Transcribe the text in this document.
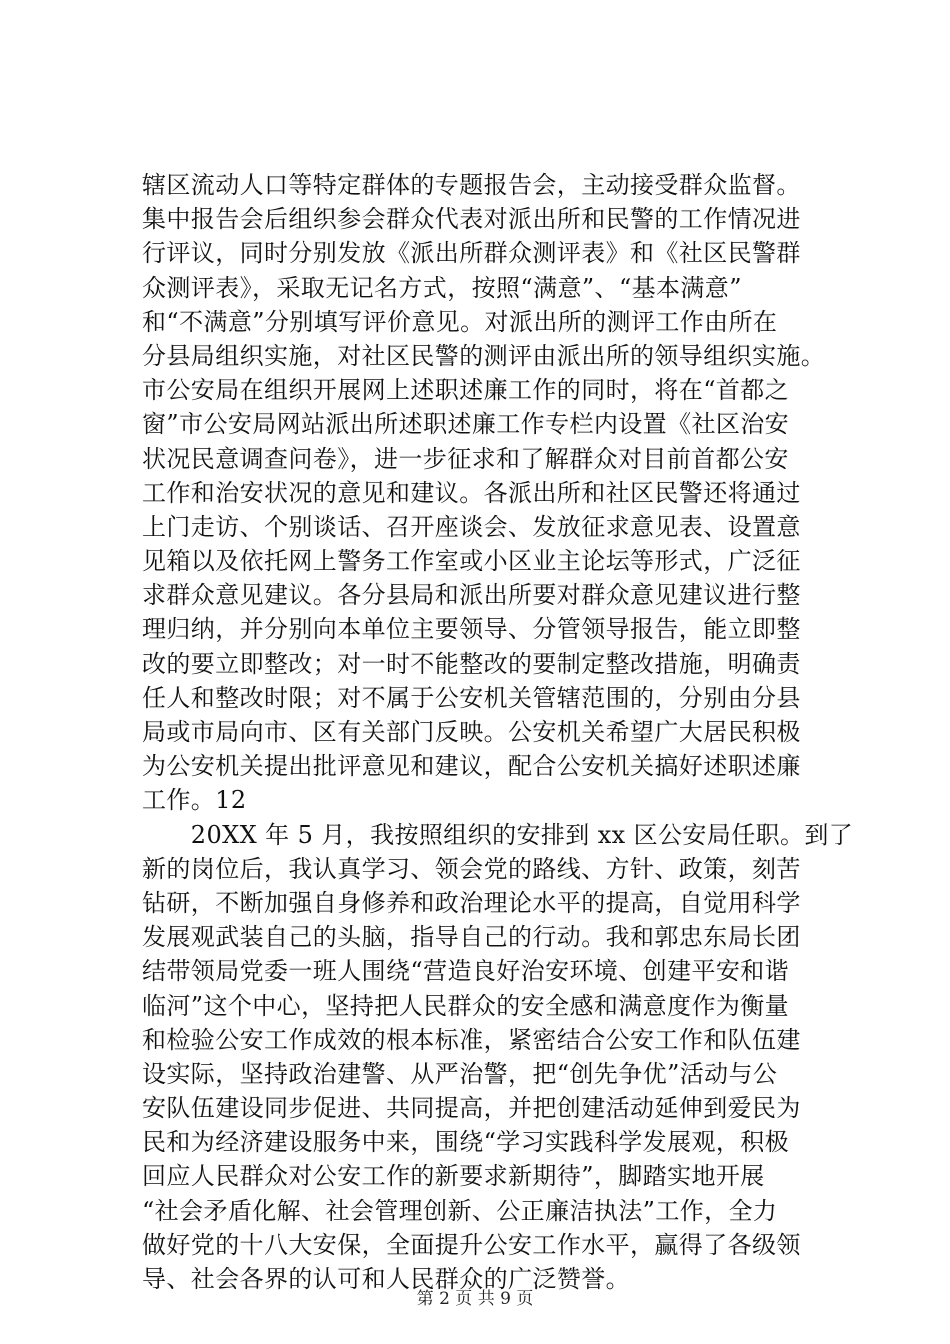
辖区流动人口等特定群体的专题报告会，主动接受群众监督。
集中报告会后组织参会群众代表对派出所和民警的工作情况进
行评议，同时分别发放《派出所群众测评表》和《社区民警群
众测评表》，采取无记名方式，按照“满意”、“基本满意”
和“不满意”分别填写评价意见。对派出所的测评工作由所在
分县局组织实施，对社区民警的测评由派出所的领导组织实施。
市公安局在组织开展网上述职述廉工作的同时，将在“首都之
窗”市公安局网站派出所述职述廉工作专栏内设置《社区治安
状况民意调查问卷》，进一步征求和了解群众对目前首都公安
工作和治安状况的意见和建议。各派出所和社区民警还将通过
上门走访、个别谈话、召开座谈会、发放征求意见表、设置意
见箱以及依托网上警务工作室或小区业主论坛等形式，广泛征
求群众意见建议。各分县局和派出所要对群众意见建议进行整
理归纳，并分别向本单位主要领导、分管领导报告，能立即整
改的要立即整改；对一时不能整改的要制定整改措施，明确责
任人和整改时限；对不属于公安机关管辖范围的，分别由分县
局或市局向市、区有关部门反映。公安机关希望广大居民积极
为公安机关提出批评意见和建议，配合公安机关搞好述职述廉
工作。12
　　20XX 年 5 月，我按照组织的安排到 xx 区公安局任职。到了
新的岗位后，我认真学习、领会党的路线、方针、政策，刻苦
钻研，不断加强自身修养和政治理论水平的提高，自觉用科学
发展观武装自己的头脑，指导自己的行动。我和郭忠东局长团
结带领局党委一班人围绕“营造良好治安环境、创建平安和谐
临河”这个中心，坚持把人民群众的安全感和满意度作为衡量
和检验公安工作成效的根本标准，紧密结合公安工作和队伍建
设实际，坚持政治建警、从严治警，把“创先争优”活动与公
安队伍建设同步促进、共同提高，并把创建活动延伸到爱民为
民和为经济建设服务中来，围绕“学习实践科学发展观，积极
回应人民群众对公安工作的新要求新期待”，脚踏实地开展
“社会矛盾化解、社会管理创新、公正廉洁执法”工作，全力
做好党的十八大安保，全面提升公安工作水平，赢得了各级领
导、社会各界的认可和人民群众的广泛赞誉。
第 2 页 共 9 页
